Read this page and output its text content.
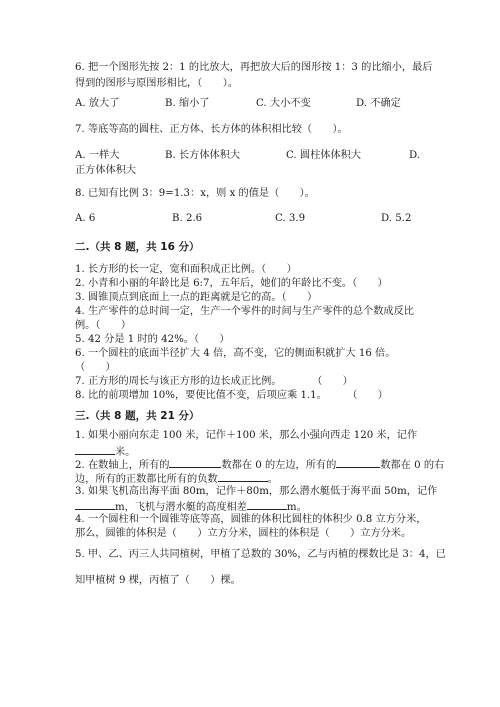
6. 把一个图形先按 2：1 的比放大，再把放大后的图形按 1：3 的比缩小，最后
得到的图形与原图形相比，（　　）。
A. 放大了	B. 缩小了	C. 大小不变	D. 不确定
7. 等底等高的圆柱、正方体、长方体的体积相比较（　　）。
A. 一样大	B. 长方体体积大	C. 圆柱体体积大	D.
正方体体积大
8. 已知有比例 3：9=1.3：x，则 x 的值是（　　）。
A. 6	B. 2.6	C. 3.9	D. 5.2
二.（共 8 题，共 16 分）
1. 长方形的长一定，宽和面积成正比例。（　　）
2. 小青和小丽的年龄比是 6:7，五年后，她们的年龄比不变。（　　）
3. 圆锥顶点到底面上一点的距离就是它的高。（　　）
4. 生产零件的总时间一定，生产一个零件的时间与生产零件的总个数成反比
例。（　　）
5. 42 分是 1 时的 42%。（　　）
6. 一个圆柱的底面半径扩大 4 倍，高不变，它的侧面积就扩大 16 倍。
（　　）
7. 正方形的周长与该正方形的边长成正比例。　　　　（　　）
8. 比的前项增加 10%，要使比值不变，后项应乘 1.1。　　　（　　）
三.（共 8 题，共 21 分）
1. 如果小丽向东走 100 米，记作＋100 米，那么小强向西走 120 米，记作
米。
2. 在数轴上，所有的	数都在 0 的左边，所有的	数都在 0 的右
边，所有的正数都比所有的负数	。
3. 如果飞机高出海平面 80m，记作＋80m，那么潜水艇低于海平面 50m，记作
m，飞机与潜水艇的高度相差	m。
4. 一个圆柱和一个圆锥等底等高，圆锥的体积比圆柱的体积少 0.8 立方分米，
那么，圆锥的体积是（　　）立方分米，圆柱的体积是（　　）立方分米。
5. 甲、乙、丙三人共同植树，甲植了总数的 30%，乙与丙植的棵数比是 3：4，已
知甲植树 9 棵，丙植了（　　）棵。
